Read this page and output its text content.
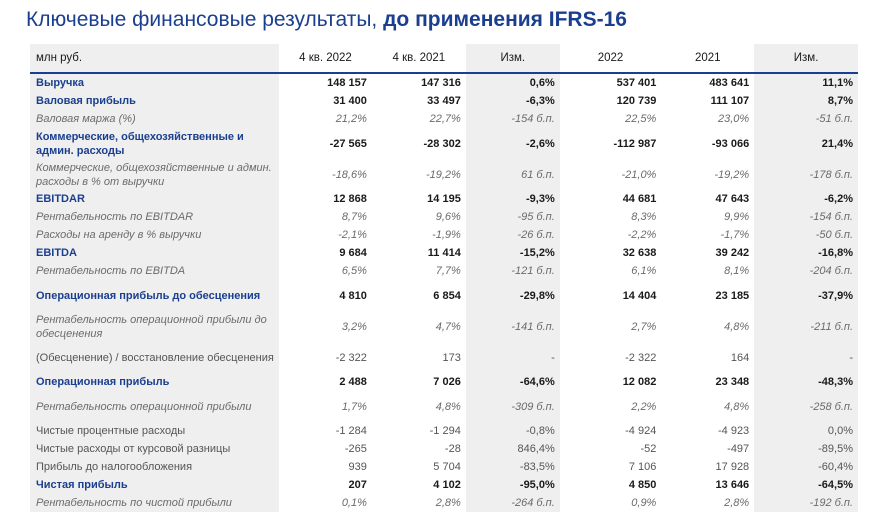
Ключевые финансовые результаты, до применения IFRS-16
млн руб.	4 кв. 2022	4 кв. 2021	Изм.	2022	2021	Изм.
Выручка	148 157	147 316	0,6%	537 401	483 641	11,1%
Валовая прибыль	31 400	33 497	-6,3%	120 739	111 107	8,7%
Валовая маржа (%)	21,2%	22,7%	-154 б.п.	22,5%	23,0%	-51 б.п.
Коммерческие, общехозяйственные и админ. расходы	-27 565	-28 302	-2,6%	-112 987	-93 066	21,4%
Коммерческие, общехозяйственные и админ. расходы в % от выручки	-18,6%	-19,2%	61 б.п.	-21,0%	-19,2%	-178 б.п.
EBITDAR	12 868	14 195	-9,3%	44 681	47 643	-6,2%
Рентабельность по EBITDAR	8,7%	9,6%	-95 б.п.	8,3%	9,9%	-154 б.п.
Расходы на аренду в % выручки	-2,1%	-1,9%	-26 б.п.	-2,2%	-1,7%	-50 б.п.
EBITDA	9 684	11 414	-15,2%	32 638	39 242	-16,8%
Рентабельность по EBITDA	6,5%	7,7%	-121 б.п.	6,1%	8,1%	-204 б.п.
Операционная прибыль до обесценения	4 810	6 854	-29,8%	14 404	23 185	-37,9%
Рентабельность операционной прибыли до обесценения	3,2%	4,7%	-141 б.п.	2,7%	4,8%	-211 б.п.
(Обесценение) / восстановление обесценения	-2 322	173	-	-2 322	164	-
Операционная прибыль	2 488	7 026	-64,6%	12 082	23 348	-48,3%
Рентабельность операционной прибыли	1,7%	4,8%	-309 б.п.	2,2%	4,8%	-258 б.п.
Чистые процентные расходы	-1 284	-1 294	-0,8%	-4 924	-4 923	0,0%
Чистые расходы от курсовой разницы	-265	-28	846,4%	-52	-497	-89,5%
Прибыль до налогообложения	939	5 704	-83,5%	7 106	17 928	-60,4%
Чистая прибыль	207	4 102	-95,0%	4 850	13 646	-64,5%
Рентабельность по чистой прибыли	0,1%	2,8%	-264 б.п.	0,9%	2,8%	-192 б.п.
